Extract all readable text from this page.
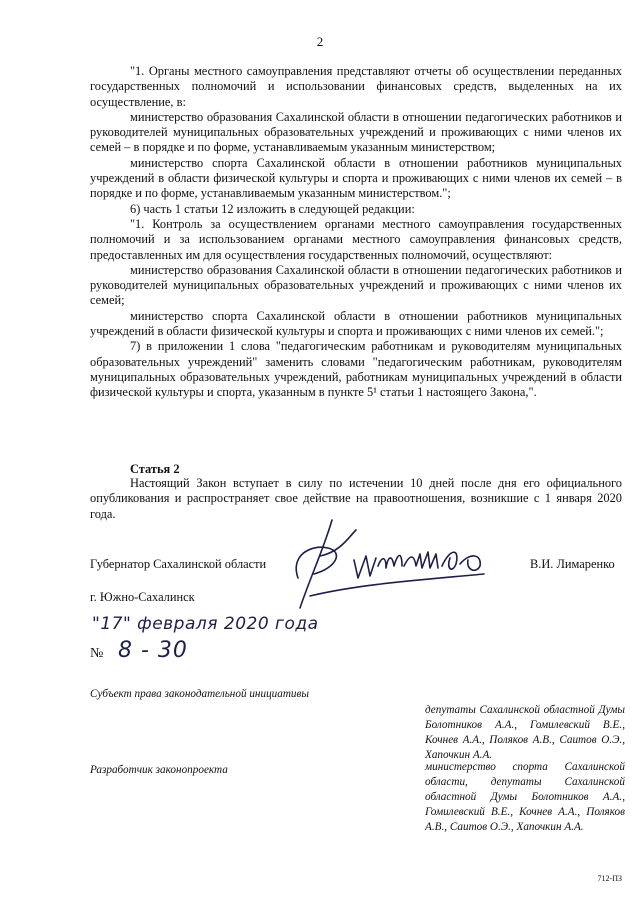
2

"1. Органы местного самоуправления представляют отчеты об осуществлении переданных государственных полномочий и использовании финансовых средств, выделенных на их осуществление, в:

министерство образования Сахалинской области в отношении педагогических работников и руководителей муниципальных образовательных учреждений и проживающих с ними членов их семей – в порядке и по форме, устанавливаемым указанным министерством;

министерство спорта Сахалинской области в отношении работников муниципальных учреждений в области физической культуры и спорта и проживающих с ними членов их семей – в порядке и по форме, устанавливаемым указанным министерством.";

6) часть 1 статьи 12 изложить в следующей редакции:

"1. Контроль за осуществлением органами местного самоуправления государственных полномочий и за использованием органами местного самоуправления финансовых средств, предоставленных им для осуществления государственных полномочий, осуществляют:

министерство образования Сахалинской области в отношении педагогических работников и руководителей муниципальных образовательных учреждений и проживающих с ними членов их семей;

министерство спорта Сахалинской области в отношении работников муниципальных учреждений в области физической культуры и спорта и проживающих с ними членов их семей.";

7) в приложении 1 слова "педагогическим работникам и руководителям муниципальных образовательных учреждений" заменить словами "педагогическим работникам, руководителям муниципальных образовательных учреждений, работникам муниципальных учреждений в области физической культуры и спорта, указанным в пункте 5¹ статьи 1 настоящего Закона,".

Статья 2

Настоящий Закон вступает в силу по истечении 10 дней после дня его официального опубликования и распространяет свое действие на правоотношения, возникшие с 1 января 2020 года.

Губернатор Сахалинской области	В.И. Лимаренко
г. Южно-Сахалинск
"17" февраля 2020 года
№ 8 - 30
Субъект права законодательной инициативы
депутаты Сахалинской областной Думы Болотников А.А., Гомилевский В.Е., Кочнев А.А., Поляков А.В., Саитов О.Э., Хапочкин А.А.
Разработчик законопроекта	министерство спорта Сахалинской области, депутаты Сахалинской областной Думы Болотников А.А., Гомилевский В.Е., Кочнев А.А., Поляков А.В., Саитов О.Э., Хапочкин А.А.
712-ПЗ
